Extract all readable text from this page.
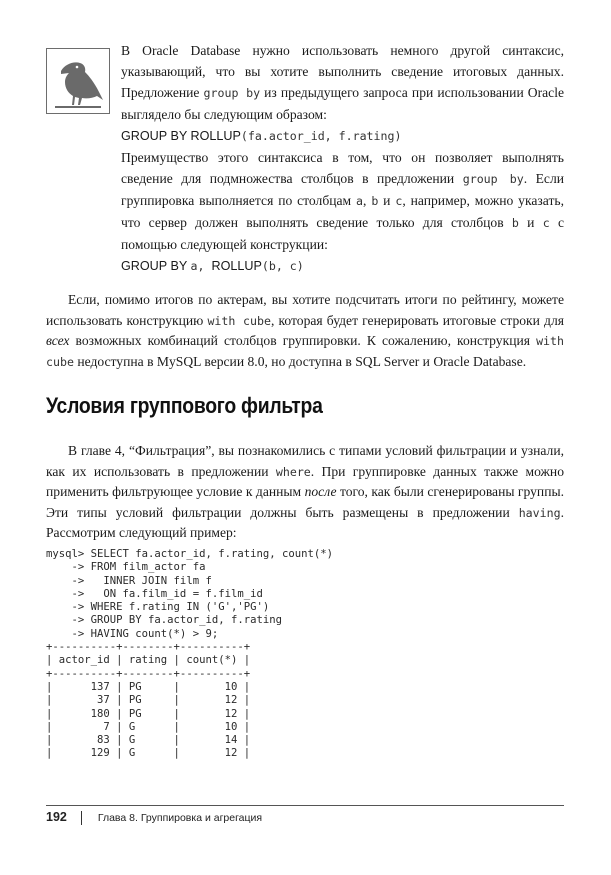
В Oracle Database нужно использовать немного другой синтаксис, указывающий, что вы хотите выполнить сведение итоговых данных. Предложение group by из предыдущего запроса при использовании Oracle выглядело бы следующим образом:

GROUP BY ROLLUP(fa.actor_id, f.rating)

Преимущество этого синтаксиса в том, что он позволяет выполнять сведение для подмножества столбцов в предложении group by. Если группировка выполняется по столбцам a, b и c, например, можно указать, что сервер должен выполнять сведение только для столбцов b и c с помощью следующей конструкции:

GROUP BY a, ROLLUP(b, c)

Если, помимо итогов по актерам, вы хотите подсчитать итоги по рейтингу, можете использовать конструкцию with cube, которая будет генерировать итоговые строки для всех возможных комбинаций столбцов группировки. К сожалению, конструкция with cube недоступна в MySQL версии 8.0, но доступна в SQL Server и Oracle Database.

Условия группового фильтра

В главе 4, “Фильтрация”, вы познакомились с типами условий фильтрации и узнали, как их использовать в предложении where. При группировке данных также можно применить фильтрующее условие к данным после того, как были сгенерированы группы. Эти типы условий фильтрации должны быть размещены в предложении having. Рассмотрим следующий пример:

mysql> SELECT fa.actor_id, f.rating, count(*)
-> FROM film_actor fa
->   INNER JOIN film f
->   ON fa.film_id = f.film_id
-> WHERE f.rating IN ('G','PG')
-> GROUP BY fa.actor_id, f.rating
-> HAVING count(*) > 9;
+----------+--------+----------+
| actor_id | rating | count(*) |
+----------+--------+----------+
|      137 | PG     |       10 |
|       37 | PG     |       12 |
|      180 | PG     |       12 |
|        7 | G      |       10 |
|       83 | G      |       14 |
|      129 | G      |       12 |
192	Глава 8. Группировка и агрегация
